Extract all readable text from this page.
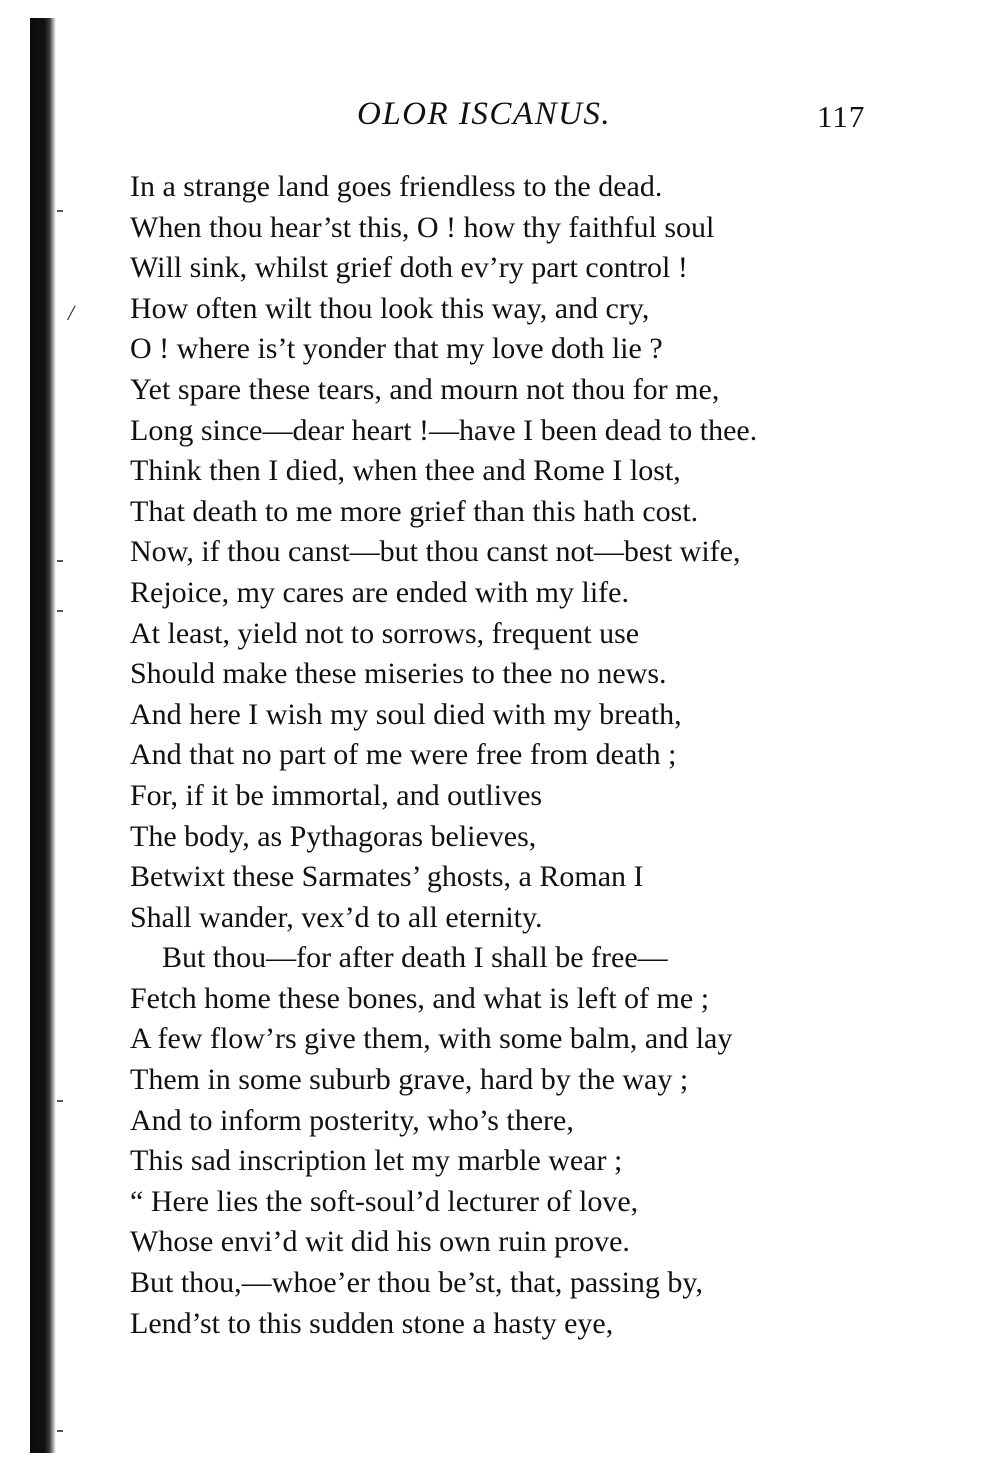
/
OLOR ISCANUS.	117
In a strange land goes friendless to the dead.
When thou hear’st this, O ! how thy faithful soul
Will sink, whilst grief doth ev’ry part control !
How often wilt thou look this way, and cry,
O ! where is’t yonder that my love doth lie ?
Yet spare these tears, and mourn not thou for me,
Long since—dear heart !—have I been dead to thee.
Think then I died, when thee and Rome I lost,
That death to me more grief than this hath cost.
Now, if thou canst—but thou canst not—best wife,
Rejoice, my cares are ended with my life.
At least, yield not to sorrows, frequent use
Should make these miseries to thee no news.
And here I wish my soul died with my breath,
And that no part of me were free from death ;
For, if it be immortal, and outlives
The body, as Pythagoras believes,
Betwixt these Sarmates’ ghosts, a Roman I
Shall wander, vex’d to all eternity.
But thou—for after death I shall be free—
Fetch home these bones, and what is left of me ;
A few flow’rs give them, with some balm, and lay
Them in some suburb grave, hard by the way ;
And to inform posterity, who’s there,
This sad inscription let my marble wear ;
“ Here lies the soft-soul’d lecturer of love,
Whose envi’d wit did his own ruin prove.
But thou,—whoe’er thou be’st, that, passing by,
Lend’st to this sudden stone a hasty eye,
